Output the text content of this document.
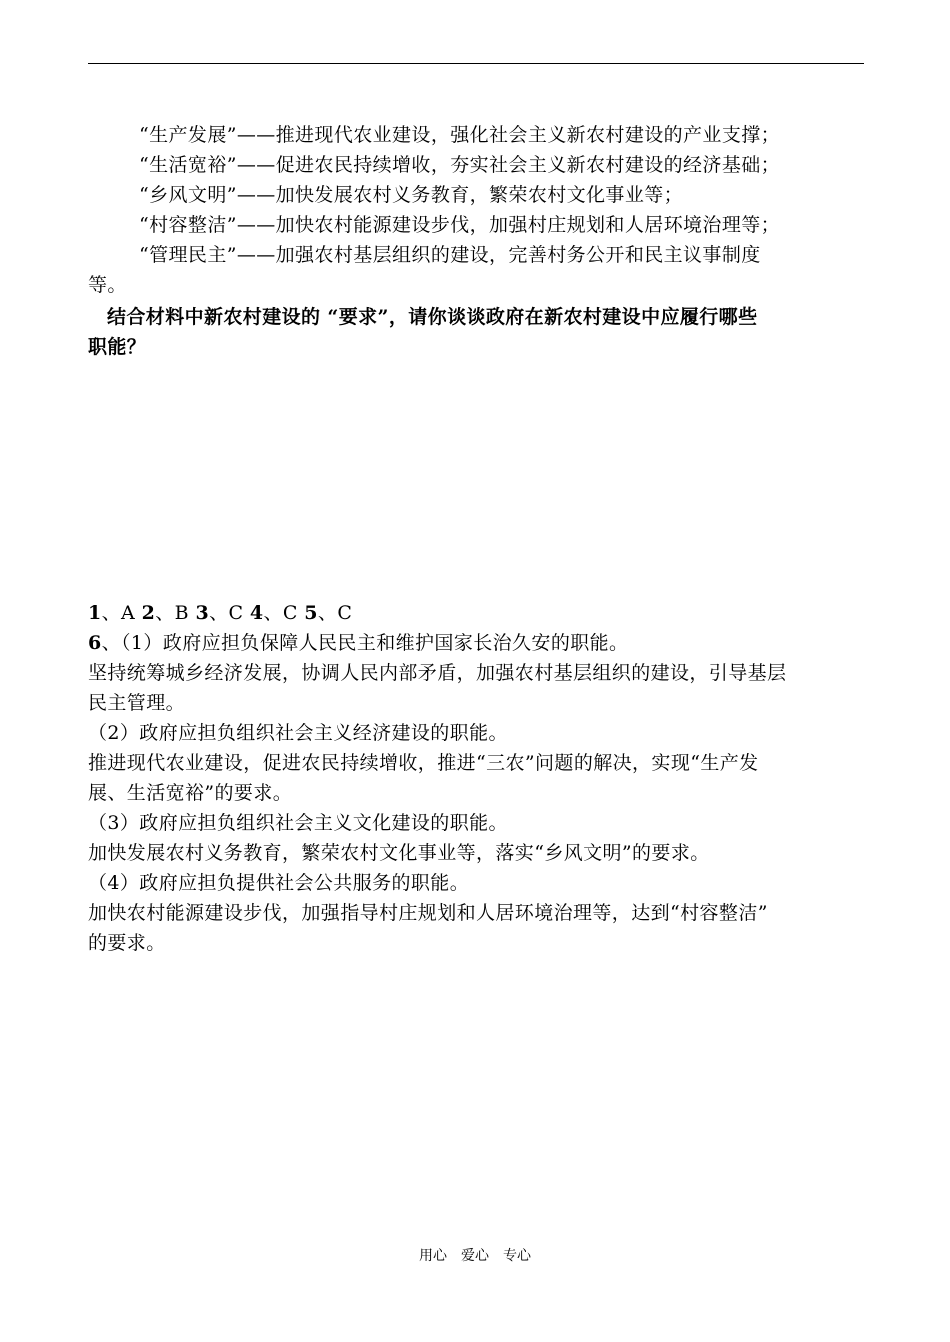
“生产发展”——推进现代农业建设，强化社会主义新农村建设的产业支撑；
“生活宽裕”——促进农民持续增收，夯实社会主义新农村建设的经济基础；
“乡风文明”——加快发展农村义务教育，繁荣农村文化事业等；
“村容整洁”——加快农村能源建设步伐，加强村庄规划和人居环境治理等；
“管理民主”——加强农村基层组织的建设，完善村务公开和民主议事制度
等。
结合材料中新农村建设的 “要求”，请你谈谈政府在新农村建设中应履行哪些
职能？
1、A 2、B 3、C 4、C 5、C
6、（1）政府应担负保障人民民主和维护国家长治久安的职能。
坚持统筹城乡经济发展，协调人民内部矛盾，加强农村基层组织的建设，引导基层
民主管理。
（2）政府应担负组织社会主义经济建设的职能。
推进现代农业建设，促进农民持续增收，推进“三农”问题的解决，实现“生产发
展、生活宽裕”的要求。
（3）政府应担负组织社会主义文化建设的职能。
加快发展农村义务教育，繁荣农村文化事业等，落实“乡风文明”的要求。
（4）政府应担负提供社会公共服务的职能。
加快农村能源建设步伐，加强指导村庄规划和人居环境治理等，达到“村容整洁”
的要求。
用心　爱心　专心
